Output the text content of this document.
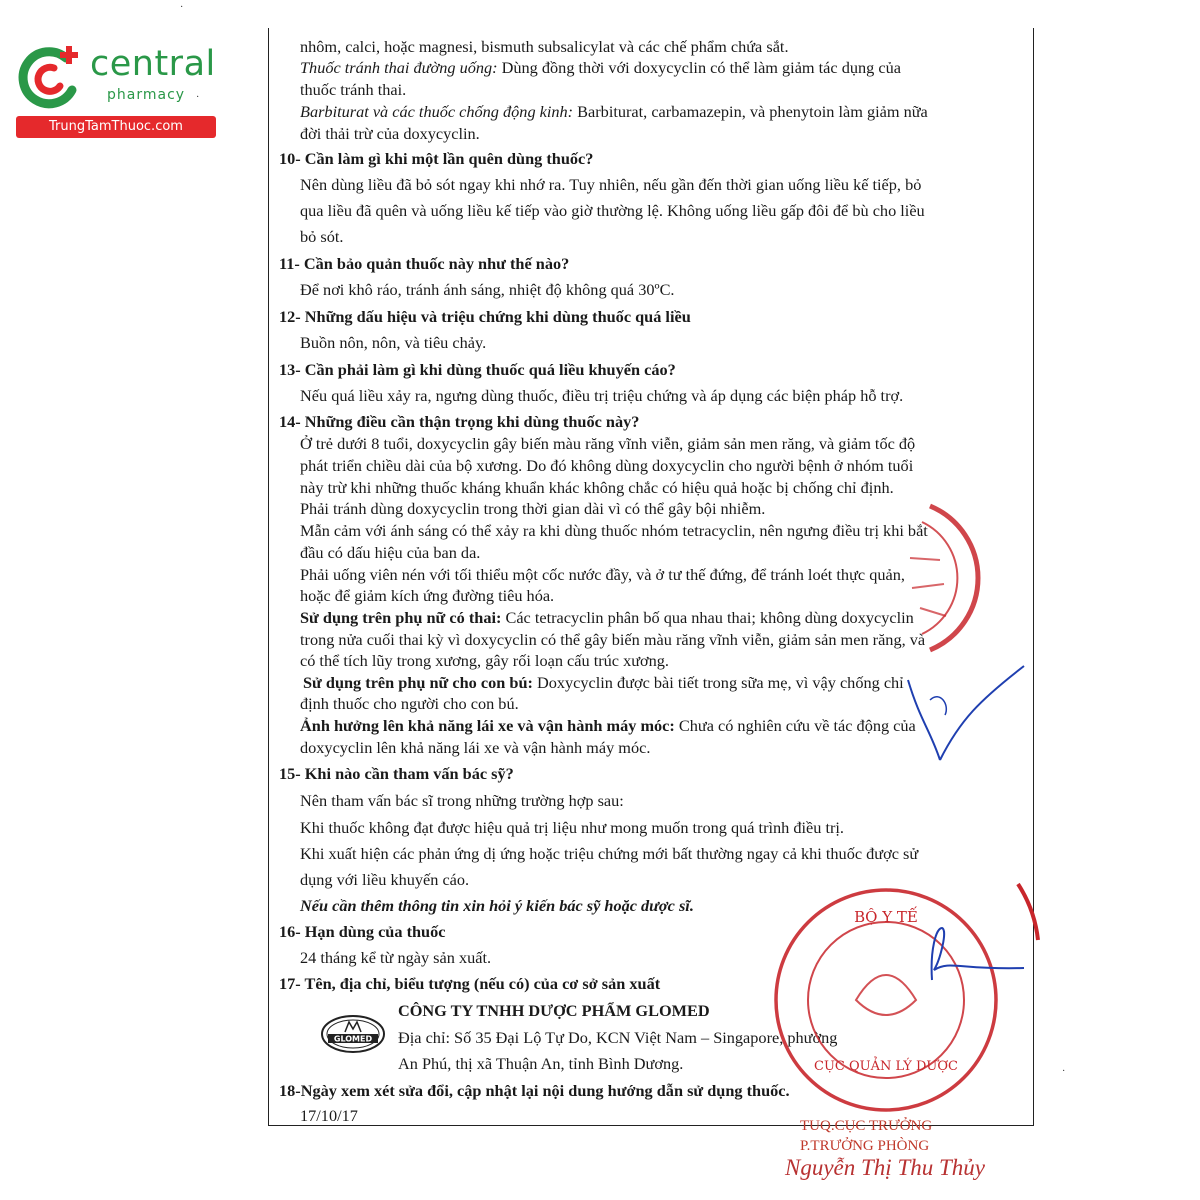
central
pharmacy
TrungTamThuoc.com
·
·
·
nhôm, calci, hoặc magnesi, bismuth subsalicylat và các chế phẩm chứa sắt.
Thuốc tránh thai đường uống: Dùng đồng thời với doxycyclin có thể làm giảm tác dụng của
thuốc tránh thai.
Barbiturat và các thuốc chống động kinh: Barbiturat, carbamazepin, và phenytoin làm giảm nữa
đời thải trừ của doxycyclin.
10- Cần làm gì khi một lần quên dùng thuốc?
Nên dùng liều đã bỏ sót ngay khi nhớ ra. Tuy nhiên, nếu gần đến thời gian uống liều kế tiếp, bỏ
qua liều đã quên và uống liều kế tiếp vào giờ thường lệ. Không uống liều gấp đôi để bù cho liều
bỏ sót.
11- Cần bảo quản thuốc này như thế nào?
Để nơi khô ráo, tránh ánh sáng, nhiệt độ không quá 30ºC.
12- Những dấu hiệu và triệu chứng khi dùng thuốc quá liều
Buồn nôn, nôn, và tiêu chảy.
13- Cần phải làm gì khi dùng thuốc quá liều khuyến cáo?
Nếu quá liều xảy ra, ngưng dùng thuốc, điều trị triệu chứng và áp dụng các biện pháp hỗ trợ.
14- Những điều cần thận trọng khi dùng thuốc này?
Ở trẻ dưới 8 tuổi, doxycyclin gây biến màu răng vĩnh viễn, giảm sản men răng, và giảm tốc độ
phát triển chiều dài của bộ xương. Do đó không dùng doxycyclin cho người bệnh ở nhóm tuổi
này trừ khi những thuốc kháng khuẩn khác không chắc có hiệu quả hoặc bị chống chỉ định.
Phải tránh dùng doxycyclin trong thời gian dài vì có thể gây bội nhiễm.
Mẫn cảm với ánh sáng có thể xảy ra khi dùng thuốc nhóm tetracyclin, nên ngưng điều trị khi bắt
đầu có dấu hiệu của ban da.
Phải uống viên nén với tối thiểu một cốc nước đầy, và ở tư thế đứng, để tránh loét thực quản,
hoặc để giảm kích ứng đường tiêu hóa.
Sử dụng trên phụ nữ có thai: Các tetracyclin phân bố qua nhau thai; không dùng doxycyclin
trong nửa cuối thai kỳ vì doxycyclin có thể gây biến màu răng vĩnh viễn, giảm sản men răng, và
có thể tích lũy trong xương, gây rối loạn cấu trúc xương.
Sử dụng trên phụ nữ cho con bú: Doxycyclin được bài tiết trong sữa mẹ, vì vậy chống chỉ
định thuốc cho người cho con bú.
Ảnh hưởng lên khả năng lái xe và vận hành máy móc: Chưa có nghiên cứu về tác động của
doxycyclin lên khả năng lái xe và vận hành máy móc.
15- Khi nào cần tham vấn bác sỹ?
Nên tham vấn bác sĩ trong những trường hợp sau:
Khi thuốc không đạt được hiệu quả trị liệu như mong muốn trong quá trình điều trị.
Khi xuất hiện các phản ứng dị ứng hoặc triệu chứng mới bất thường ngay cả khi thuốc được sử
dụng với liều khuyến cáo.
Nếu cần thêm thông tin xin hỏi ý kiến bác sỹ hoặc dược sĩ.
16- Hạn dùng của thuốc
24 tháng kể từ ngày sản xuất.
17- Tên, địa chỉ, biểu tượng (nếu có) của cơ sở sản xuất
CÔNG TY TNHH DƯỢC PHẨM GLOMED
Địa chỉ: Số 35 Đại Lộ Tự Do, KCN Việt Nam – Singapore, phường
An Phú, thị xã Thuận An, tỉnh Bình Dương.
GLOMED
18-Ngày xem xét sửa đổi, cập nhật lại nội dung hướng dẫn sử dụng thuốc.
17/10/17
BỘ Y TẾ
CỤC QUẢN LÝ DƯỢC
TUQ.CỤC TRƯỞNG
P.TRƯỞNG PHÒNG
Nguyễn Thị Thu Thủy
